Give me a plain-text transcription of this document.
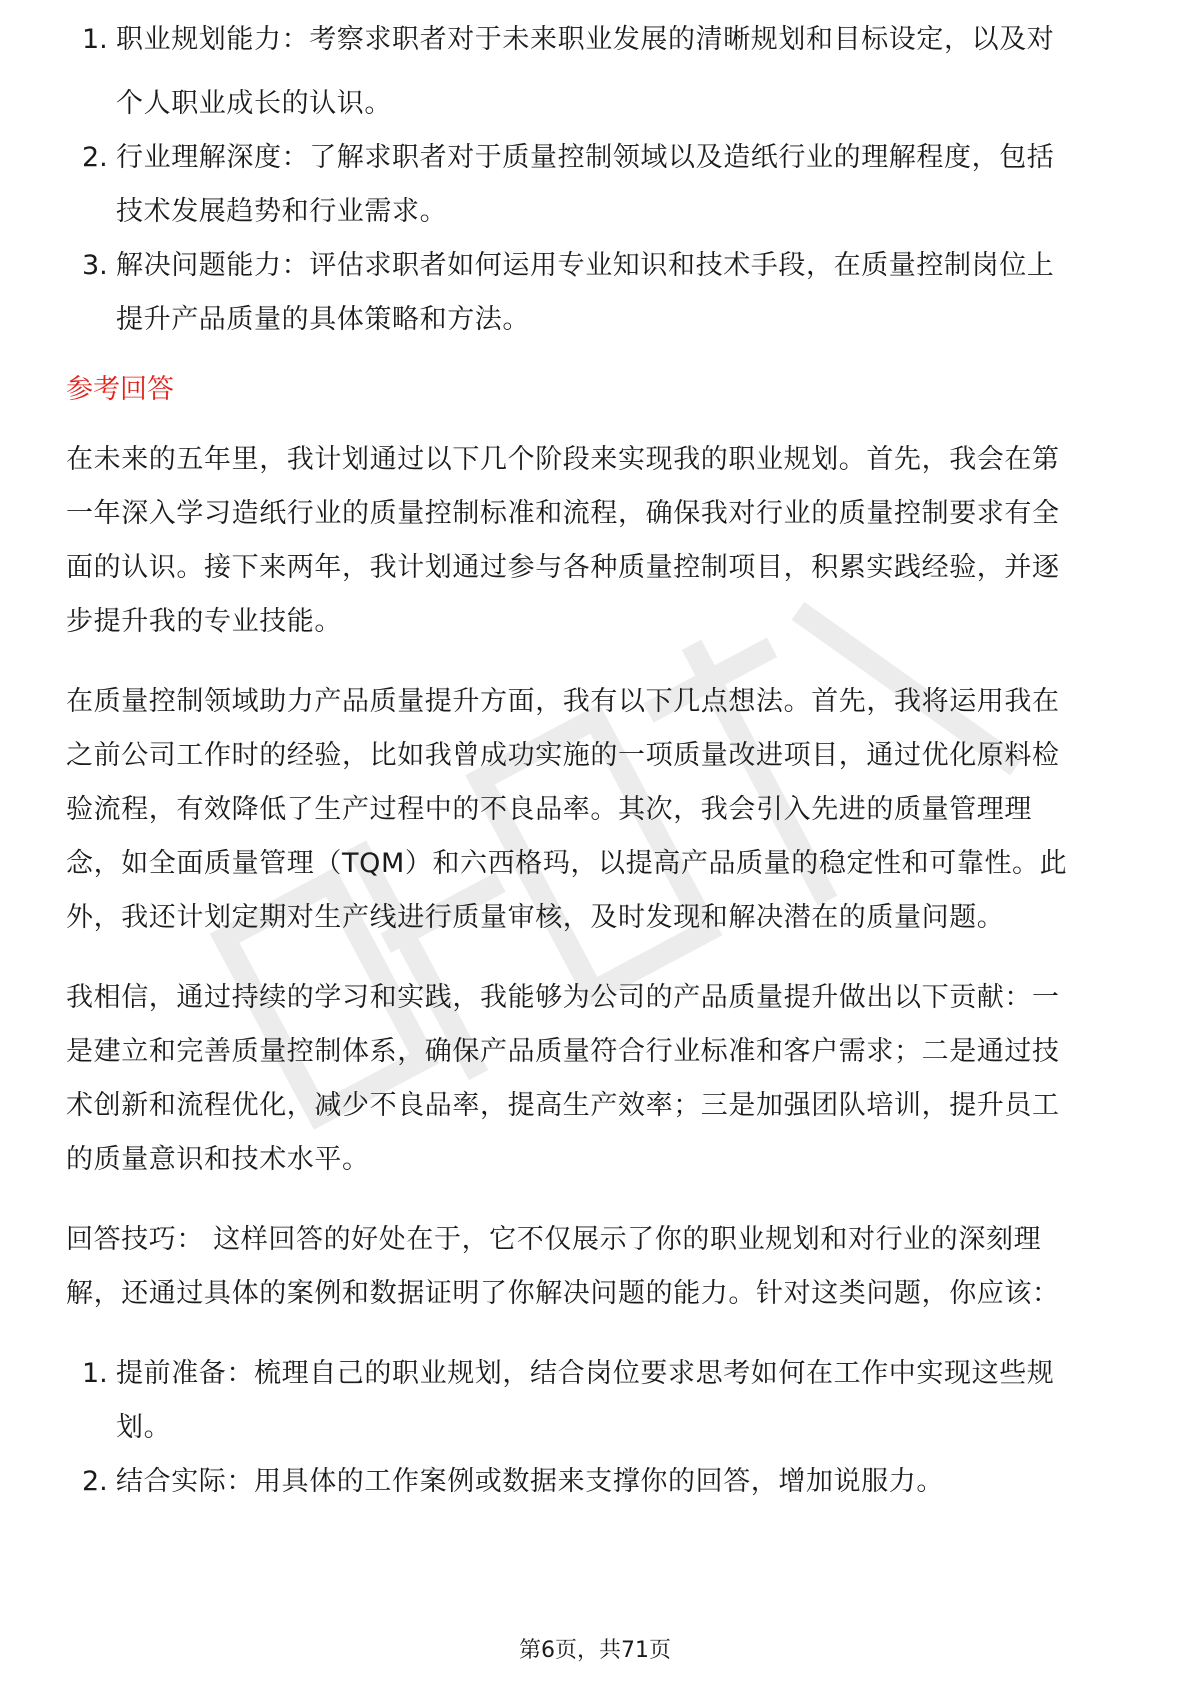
1. 职业规划能力：考察求职者对于未来职业发展的清晰规划和目标设定，以及对
个人职业成长的认识。
2. 行业理解深度：了解求职者对于质量控制领域以及造纸行业的理解程度，包括
技术发展趋势和行业需求。
3. 解决问题能力：评估求职者如何运用专业知识和技术手段，在质量控制岗位上
提升产品质量的具体策略和方法。
参考回答
在未来的五年里，我计划通过以下几个阶段来实现我的职业规划。首先，我会在第
一年深入学习造纸行业的质量控制标准和流程，确保我对行业的质量控制要求有全
面的认识。接下来两年，我计划通过参与各种质量控制项目，积累实践经验，并逐
步提升我的专业技能。
在质量控制领域助力产品质量提升方面，我有以下几点想法。首先，我将运用我在
之前公司工作时的经验，比如我曾成功实施的一项质量改进项目，通过优化原料检
验流程，有效降低了生产过程中的不良品率。其次，我会引入先进的质量管理理
念，如全面质量管理（TQM）和六西格玛，以提高产品质量的稳定性和可靠性。此
外，我还计划定期对生产线进行质量审核，及时发现和解决潜在的质量问题。
我相信，通过持续的学习和实践，我能够为公司的产品质量提升做出以下贡献：一
是建立和完善质量控制体系，确保产品质量符合行业标准和客户需求；二是通过技
术创新和流程优化，减少不良品率，提高生产效率；三是加强团队培训，提升员工
的质量意识和技术水平。
回答技巧： 这样回答的好处在于，它不仅展示了你的职业规划和对行业的深刻理
解，还通过具体的案例和数据证明了你解决问题的能力。针对这类问题，你应该：
1. 提前准备：梳理自己的职业规划，结合岗位要求思考如何在工作中实现这些规
划。
2. 结合实际：用具体的工作案例或数据来支撑你的回答，增加说服力。
第6页，共71页
